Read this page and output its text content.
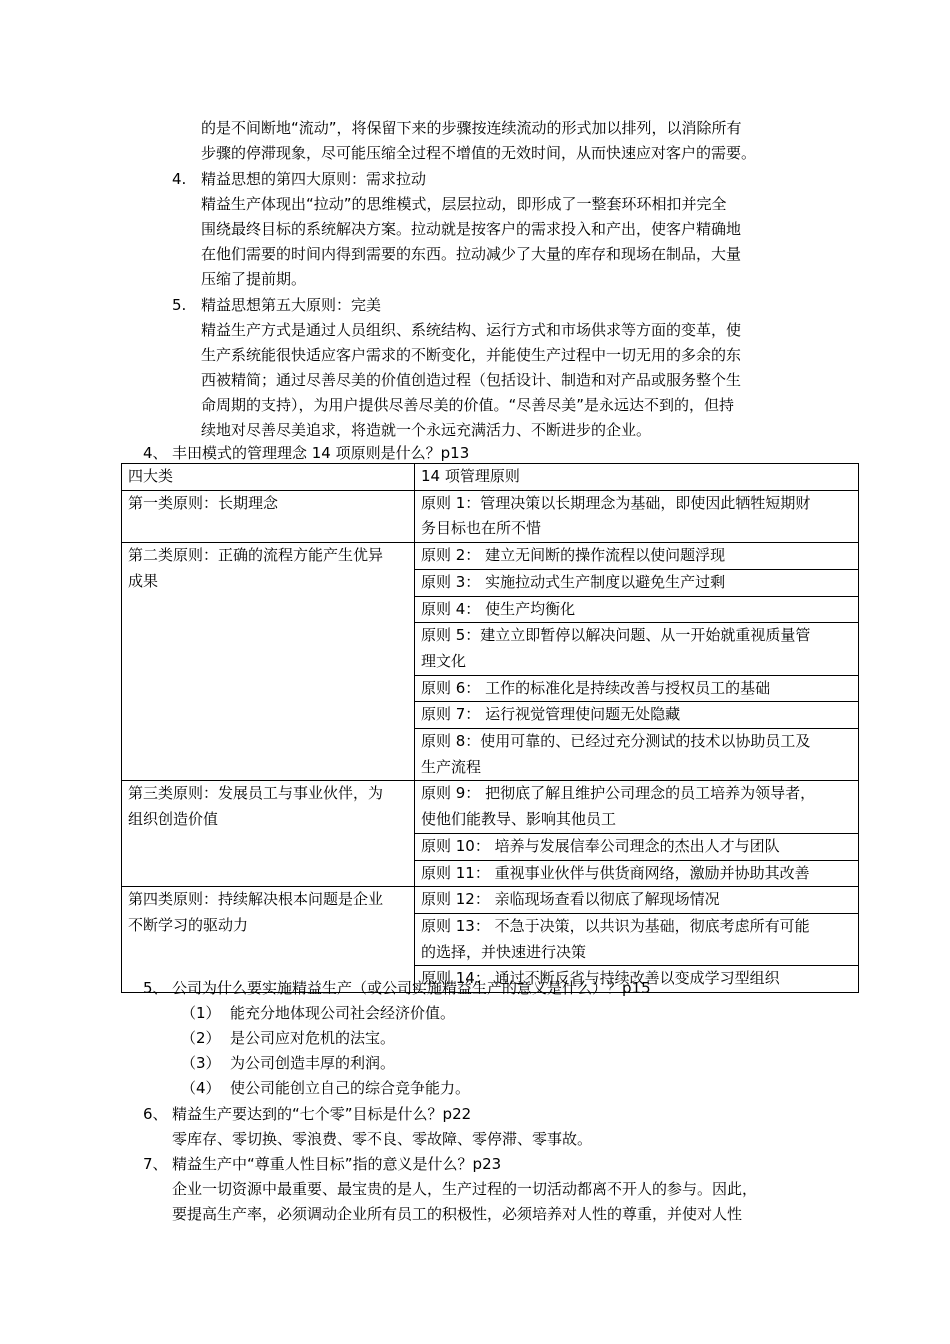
的是不间断地“流动”，将保留下来的步骤按连续流动的形式加以排列，以消除所有
步骤的停滞现象，尽可能压缩全过程不增值的无效时间，从而快速应对客户的需要。
4. 精益思想的第四大原则：需求拉动
精益生产体现出“拉动”的思维模式，层层拉动，即形成了一整套环环相扣并完全
围绕最终目标的系统解决方案。拉动就是按客户的需求投入和产出，使客户精确地
在他们需要的时间内得到需要的东西。拉动减少了大量的库存和现场在制品，大量
压缩了提前期。
5. 精益思想第五大原则：完美
精益生产方式是通过人员组织、系统结构、运行方式和市场供求等方面的变革，使
生产系统能很快适应客户需求的不断变化，并能使生产过程中一切无用的多余的东
西被精简；通过尽善尽美的价值创造过程（包括设计、制造和对产品或服务整个生
命周期的支持），为用户提供尽善尽美的价值。“尽善尽美”是永远达不到的，但持
续地对尽善尽美追求，将造就一个永远充满活力、不断进步的企业。
4、 丰田模式的管理理念 14 项原则是什么？p13
四大类	14 项管理原则
第一类原则：长期理念	原则 1：管理决策以长期理念为基础，即使因此牺牲短期财
务目标也在所不惜
第二类原则：正确的流程方能产生优异
成果	原则 2： 建立无间断的操作流程以使问题浮现
	原则 3： 实施拉动式生产制度以避免生产过剩
	原则 4： 使生产均衡化
	原则 5：建立立即暂停以解决问题、从一开始就重视质量管
理文化
	原则 6： 工作的标准化是持续改善与授权员工的基础
	原则 7： 运行视觉管理使问题无处隐藏
	原则 8：使用可靠的、已经过充分测试的技术以协助员工及
生产流程
第三类原则：发展员工与事业伙伴，为
组织创造价值	原则 9： 把彻底了解且维护公司理念的员工培养为领导者，
使他们能教导、影响其他员工
	原则 10： 培养与发展信奉公司理念的杰出人才与团队
	原则 11： 重视事业伙伴与供货商网络，激励并协助其改善
第四类原则：持续解决根本问题是企业
不断学习的驱动力	原则 12： 亲临现场查看以彻底了解现场情况
	原则 13： 不急于决策，以共识为基础，彻底考虑所有可能
的选择，并快速进行决策
	原则 14： 通过不断反省与持续改善以变成学习型组织
5、 公司为什么要实施精益生产（或公司实施精益生产的意义是什么）？p15
（1） 能充分地体现公司社会经济价值。
（2） 是公司应对危机的法宝。
（3） 为公司创造丰厚的利润。
（4） 使公司能创立自己的综合竞争能力。
6、 精益生产要达到的“七个零”目标是什么？p22
零库存、零切换、零浪费、零不良、零故障、零停滞、零事故。
7、 精益生产中“尊重人性目标”指的意义是什么？p23
企业一切资源中最重要、最宝贵的是人，生产过程的一切活动都离不开人的参与。因此，
要提高生产率，必须调动企业所有员工的积极性，必须培养对人性的尊重，并使对人性
